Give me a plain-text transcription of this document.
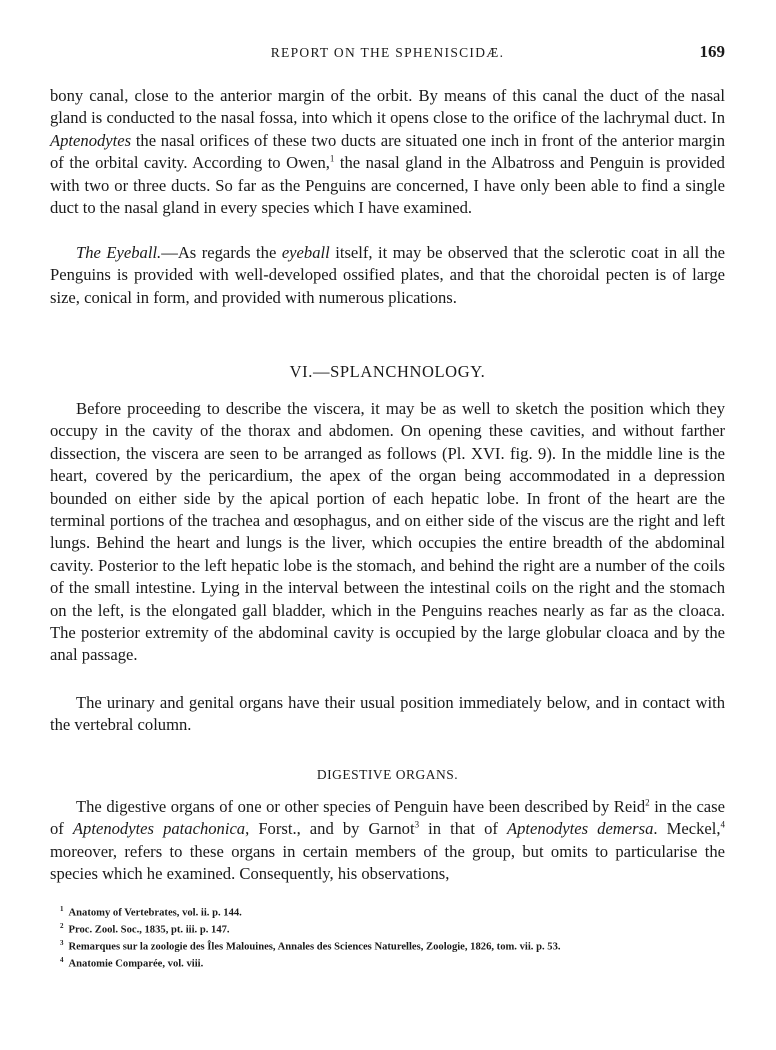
REPORT ON THE SPHENISCIDÆ.	169

bony canal, close to the anterior margin of the orbit. By means of this canal the duct of the nasal gland is conducted to the nasal fossa, into which it opens close to the orifice of the lachrymal duct. In Aptenodytes the nasal orifices of these two ducts are situated one inch in front of the anterior margin of the orbital cavity. According to Owen,$^1$ the nasal gland in the Albatross and Penguin is provided with two or three ducts. So far as the Penguins are concerned, I have only been able to find a single duct to the nasal gland in every species which I have examined.

The Eyeball.—As regards the eyeball itself, it may be observed that the sclerotic coat in all the Penguins is provided with well-developed ossified plates, and that the choroidal pecten is of large size, conical in form, and provided with numerous plications.

VI.—SPLANCHNOLOGY.

Before proceeding to describe the viscera, it may be as well to sketch the position which they occupy in the cavity of the thorax and abdomen. On opening these cavities, and without farther dissection, the viscera are seen to be arranged as follows (Pl. XVI. fig. 9). In the middle line is the heart, covered by the pericardium, the apex of the organ being accommodated in a depression bounded on either side by the apical portion of each hepatic lobe. In front of the heart are the terminal portions of the trachea and œsophagus, and on either side of the viscus are the right and left lungs. Behind the heart and lungs is the liver, which occupies the entire breadth of the abdominal cavity. Posterior to the left hepatic lobe is the stomach, and behind the right are a number of the coils of the small intestine. Lying in the interval between the intestinal coils on the right and the stomach on the left, is the elongated gall bladder, which in the Penguins reaches nearly as far as the cloaca. The posterior extremity of the abdominal cavity is occupied by the large globular cloaca and by the anal passage.

The urinary and genital organs have their usual position immediately below, and in contact with the vertebral column.

DIGESTIVE ORGANS.

The digestive organs of one or other species of Penguin have been described by Reid$^2$ in the case of Aptenodytes patachonica, Forst., and by Garnot$^3$ in that of Aptenodytes demersa. Meckel,$^4$ moreover, refers to these organs in certain members of the group, but omits to particularise the species which he examined. Consequently, his observations,

$^1$ Anatomy of Vertebrates, vol. ii. p. 144.

$^2$ Proc. Zool. Soc., 1835, pt. iii. p. 147.

$^3$ Remarques sur la zoologie des Îles Malouines, Annales des Sciences Naturelles, Zoologie, 1826, tom. vii. p. 53.

$^4$ Anatomie Comparée, vol. viii.
